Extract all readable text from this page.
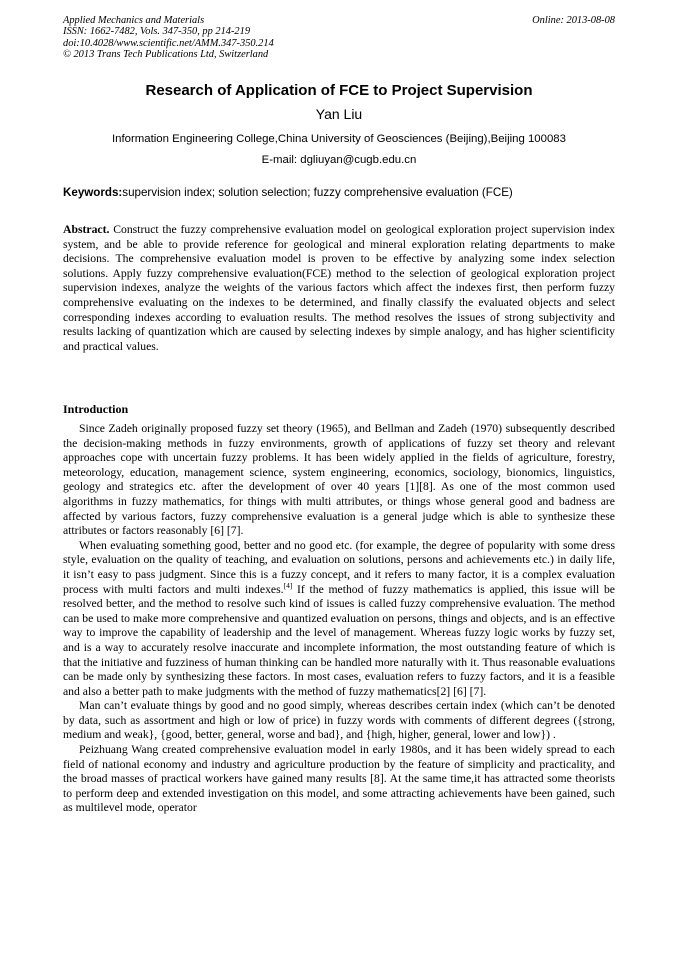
Applied Mechanics and Materials
ISSN: 1662-7482, Vols. 347-350, pp 214-219
doi:10.4028/www.scientific.net/AMM.347-350.214
© 2013 Trans Tech Publications Ltd, Switzerland
Online: 2013-08-08
Research of Application of FCE to Project Supervision
Yan Liu
Information Engineering College,China University of Geosciences (Beijing),Beijing 100083
E-mail: dgliuyan@cugb.edu.cn
Keywords:supervision index; solution selection; fuzzy comprehensive evaluation (FCE)

Abstract. Construct the fuzzy comprehensive evaluation model on geological exploration project supervision index system, and be able to provide reference for geological and mineral exploration relating departments to make decisions. The comprehensive evaluation model is proven to be effective by analyzing some index selection solutions. Apply fuzzy comprehensive evaluation(FCE) method to the selection of geological exploration project supervision indexes, analyze the weights of the various factors which affect the indexes first, then perform fuzzy comprehensive evaluating on the indexes to be determined, and finally classify the evaluated objects and select corresponding indexes according to evaluation results. The method resolves the issues of strong subjectivity and results lacking of quantization which are caused by selecting indexes by simple analogy, and has higher scientificity and practical values.

Introduction

Since Zadeh originally proposed fuzzy set theory (1965), and Bellman and Zadeh (1970) subsequently described the decision-making methods in fuzzy environments, growth of applications of fuzzy set theory and relevant approaches cope with uncertain fuzzy problems. It has been widely applied in the fields of agriculture, forestry, meteorology, education, management science, system engineering, economics, sociology, bionomics, linguistics, geology and strategics etc. after the development of over 40 years [1][8]. As one of the most common used algorithms in fuzzy mathematics, for things with multi attributes, or things whose general good and badness are affected by various factors, fuzzy comprehensive evaluation is a general judge which is able to synthesize these attributes or factors reasonably [6] [7].

When evaluating something good, better and no good etc. (for example, the degree of popularity with some dress style, evaluation on the quality of teaching, and evaluation on solutions, persons and achievements etc.) in daily life, it isn’t easy to pass judgment. Since this is a fuzzy concept, and it refers to many factor, it is a complex evaluation process with multi factors and multi indexes.[4] If the method of fuzzy mathematics is applied, this issue will be resolved better, and the method to resolve such kind of issues is called fuzzy comprehensive evaluation. The method can be used to make more comprehensive and quantized evaluation on persons, things and objects, and is an effective way to improve the capability of leadership and the level of management. Whereas fuzzy logic works by fuzzy set, and is a way to accurately resolve inaccurate and incomplete information, the most outstanding feature of which is that the initiative and fuzziness of human thinking can be handled more naturally with it. Thus reasonable evaluations can be made only by synthesizing these factors. In most cases, evaluation refers to fuzzy factors, and it is a feasible and also a better path to make judgments with the method of fuzzy mathematics[2] [6] [7].

Man can’t evaluate things by good and no good simply, whereas describes certain index (which can’t be denoted by data, such as assortment and high or low of price) in fuzzy words with comments of different degrees ({strong, medium and weak}, {good, better, general, worse and bad}, and {high, higher, general, lower and low}) .

Peizhuang Wang created comprehensive evaluation model in early 1980s, and it has been widely spread to each field of national economy and industry and agriculture production by the feature of simplicity and practicality, and the broad masses of practical workers have gained many results [8]. At the same time,it has attracted some theorists to perform deep and extended investigation on this model, and some attracting achievements have been gained, such as multilevel mode, operator
